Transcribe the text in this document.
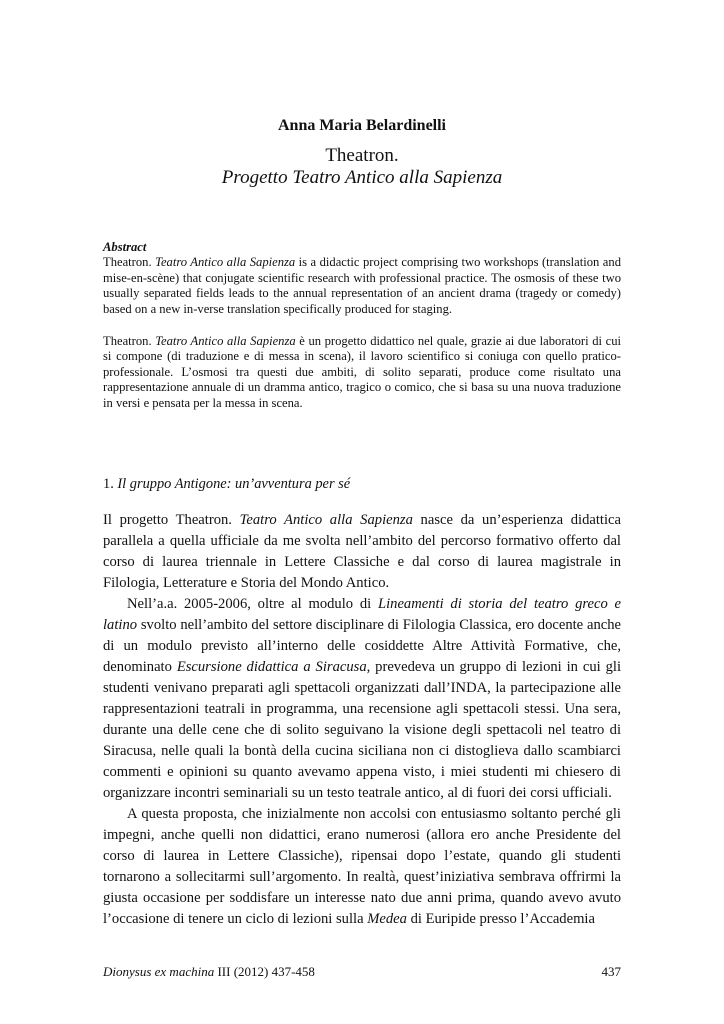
Anna Maria Belardinelli
Theatron.
Progetto Teatro Antico alla Sapienza
Abstract

Theatron. Teatro Antico alla Sapienza is a didactic project comprising two workshops (translation and mise-en-scène) that conjugate scientific research with professional practice. The osmosis of these two usually separated fields leads to the annual representation of an ancient drama (tragedy or comedy) based on a new in-verse translation specifically produced for staging.

Theatron. Teatro Antico alla Sapienza è un progetto didattico nel quale, grazie ai due laboratori di cui si compone (di traduzione e di messa in scena), il lavoro scientifico si coniuga con quello pratico-professionale. L’osmosi tra questi due ambiti, di solito separati, produce come risultato una rappresentazione annuale di un dramma antico, tragico o comico, che si basa su una nuova traduzione in versi e pensata per la messa in scena.

1. Il gruppo Antigone: un’avventura per sé

Il progetto Theatron. Teatro Antico alla Sapienza nasce da un’esperienza didattica parallela a quella ufficiale da me svolta nell’ambito del percorso formativo offerto dal corso di laurea triennale in Lettere Classiche e dal corso di laurea magistrale in Filologia, Letterature e Storia del Mondo Antico.

Nell’a.a. 2005-2006, oltre al modulo di Lineamenti di storia del teatro greco e latino svolto nell’ambito del settore disciplinare di Filologia Classica, ero docente anche di un modulo previsto all’interno delle cosiddette Altre Attività Formative, che, denominato Escursione didattica a Siracusa, prevedeva un gruppo di lezioni in cui gli studenti venivano preparati agli spettacoli organizzati dall’INDA, la partecipazione alle rappresentazioni teatrali in programma, una recensione agli spettacoli stessi. Una sera, durante una delle cene che di solito seguivano la visione degli spettacoli nel teatro di Siracusa, nelle quali la bontà della cucina siciliana non ci distoglieva dallo scambiarci commenti e opinioni su quanto avevamo appena visto, i miei studenti mi chiesero di organizzare incontri seminariali su un testo teatrale antico, al di fuori dei corsi ufficiali.

A questa proposta, che inizialmente non accolsi con entusiasmo soltanto perché gli impegni, anche quelli non didattici, erano numerosi (allora ero anche Presidente del corso di laurea in Lettere Classiche), ripensai dopo l’estate, quando gli studenti tornarono a sollecitarmi sull’argomento. In realtà, quest’iniziativa sembrava offrirmi la giusta occasione per soddisfare un interesse nato due anni prima, quando avevo avuto l’occasione di tenere un ciclo di lezioni sulla Medea di Euripide presso l’Accademia

Dionysus ex machina III (2012) 437-458	437
